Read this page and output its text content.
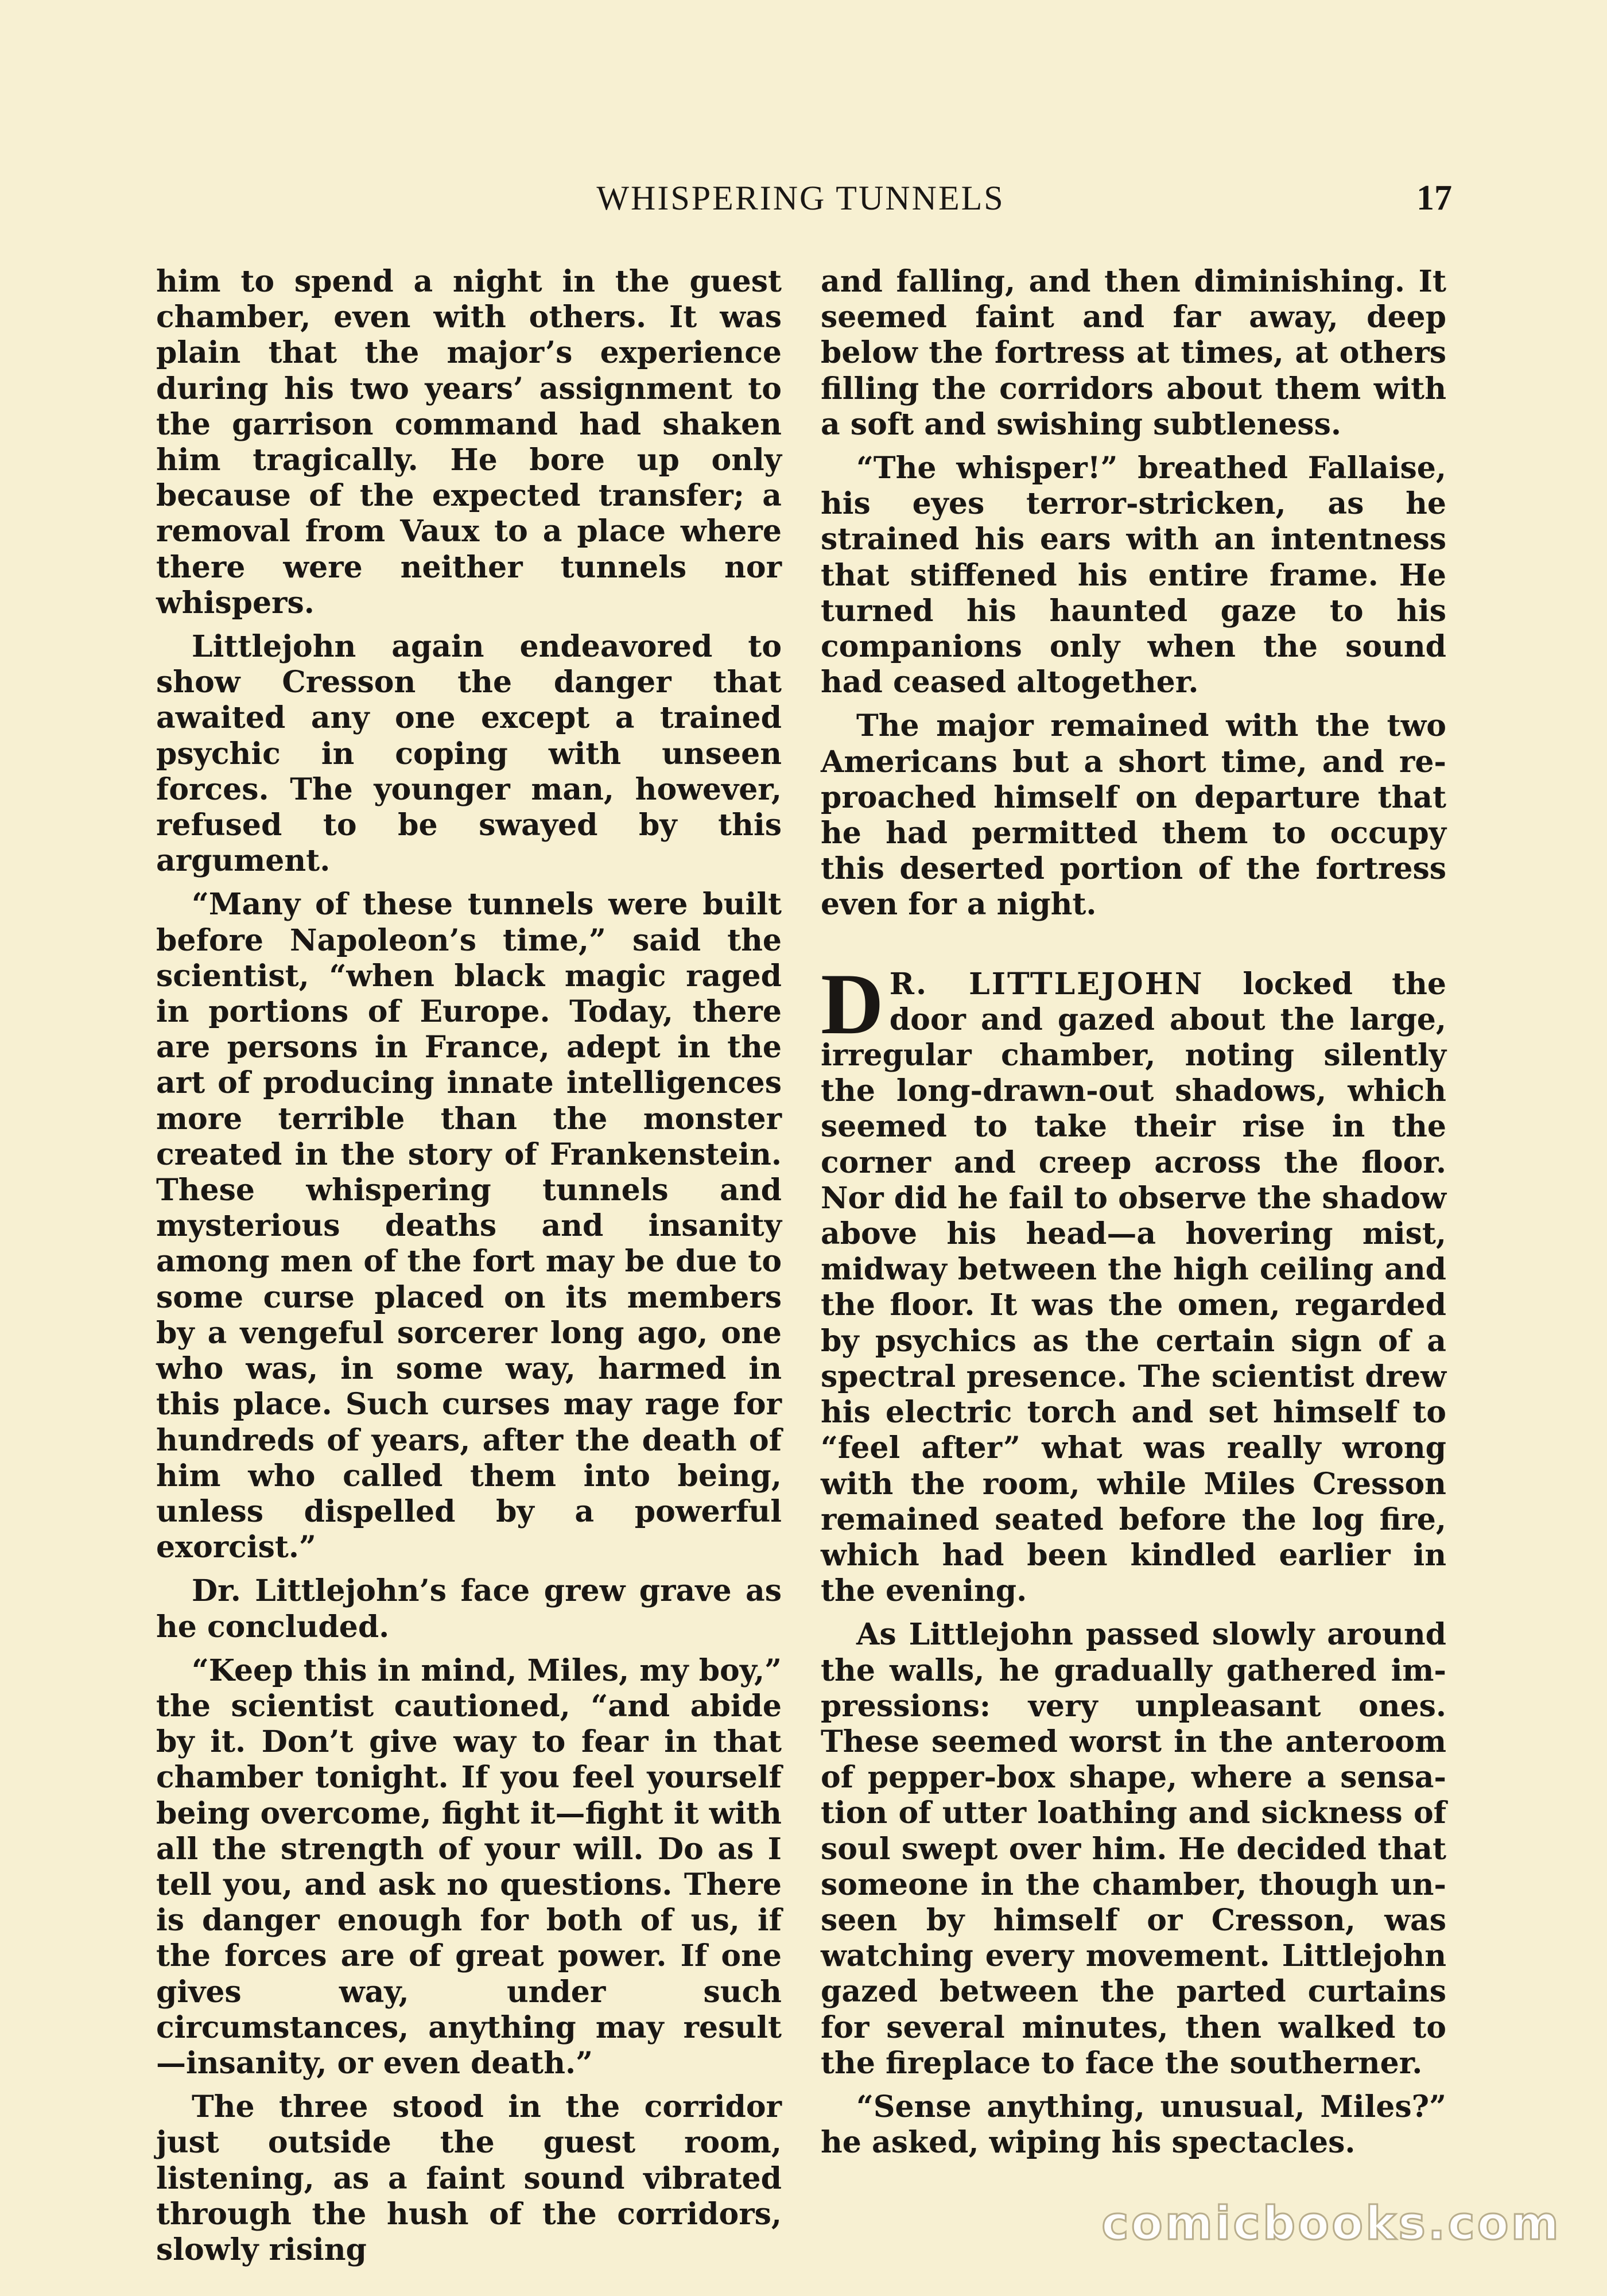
WHISPERING TUNNELS	17

him to spend a night in the guest chamber, even with others. It was plain that the major’s experience during his two years’ assignment to the garrison command had shaken him tragically. He bore up only because of the expected transfer; a removal from Vaux to a place where there were neither tunnels nor whispers.

Littlejohn again endeavored to show Cresson the danger that awaited any one except a trained psychic in coping with unseen forces. The younger man, however, refused to be swayed by this argument.

“Many of these tunnels were built before Napoleon’s time,” said the scientist, “when black magic raged in portions of Europe. Today, there are persons in France, adept in the art of producing innate intelligences more terrible than the monster created in the story of Frankenstein. These whispering tunnels and mysterious deaths and insanity among men of the fort may be due to some curse placed on its members by a vengeful sorcerer long ago, one who was, in some way, harmed in this place. Such curses may rage for hundreds of years, after the death of him who called them into being, unless dispelled by a powerful exorcist.”

Dr. Littlejohn’s face grew grave as he concluded.

“Keep this in mind, Miles, my boy,” the scientist cautioned, “and abide by it. Don’t give way to fear in that chamber tonight. If you feel yourself being overcome, fight it—fight it with all the strength of your will. Do as I tell you, and ask no questions. There is danger enough for both of us, if the forces are of great power. If one gives way, under such circumstances, anything may result—insanity, or even death.”

The three stood in the corridor just outside the guest room, listening, as a faint sound vibrated through the hush of the corridors, slowly rising

and falling, and then diminishing. It seemed faint and far away, deep below the fortress at times, at others filling the corridors about them with a soft and swishing subtleness.

“The whisper!” breathed Fallaise, his eyes terror-stricken, as he strained his ears with an intentness that stiffened his entire frame. He turned his haunted gaze to his companions only when the sound had ceased altogether.

The major remained with the two Americans but a short time, and reproached himself on departure that he had permitted them to occupy this deserted portion of the fortress even for a night.

D R. LITTLEJOHN locked the door and gazed about the large, irregular chamber, noting silently the long-drawn-out shadows, which seemed to take their rise in the corner and creep across the floor. Nor did he fail to observe the shadow above his head—a hovering mist, midway between the high ceiling and the floor. It was the omen, regarded by psychics as the certain sign of a spectral presence. The scientist drew his electric torch and set himself to “feel after” what was really wrong with the room, while Miles Cresson remained seated before the log fire, which had been kindled earlier in the evening.

As Littlejohn passed slowly around the walls, he gradually gathered impressions: very unpleasant ones. These seemed worst in the anteroom of pepper-box shape, where a sensation of utter loathing and sickness of soul swept over him. He decided that someone in the chamber, though unseen by himself or Cresson, was watching every movement. Littlejohn gazed between the parted curtains for several minutes, then walked to the fireplace to face the southerner.

“Sense anything, unusual, Miles?” he asked, wiping his spectacles.

comicbooks.com
